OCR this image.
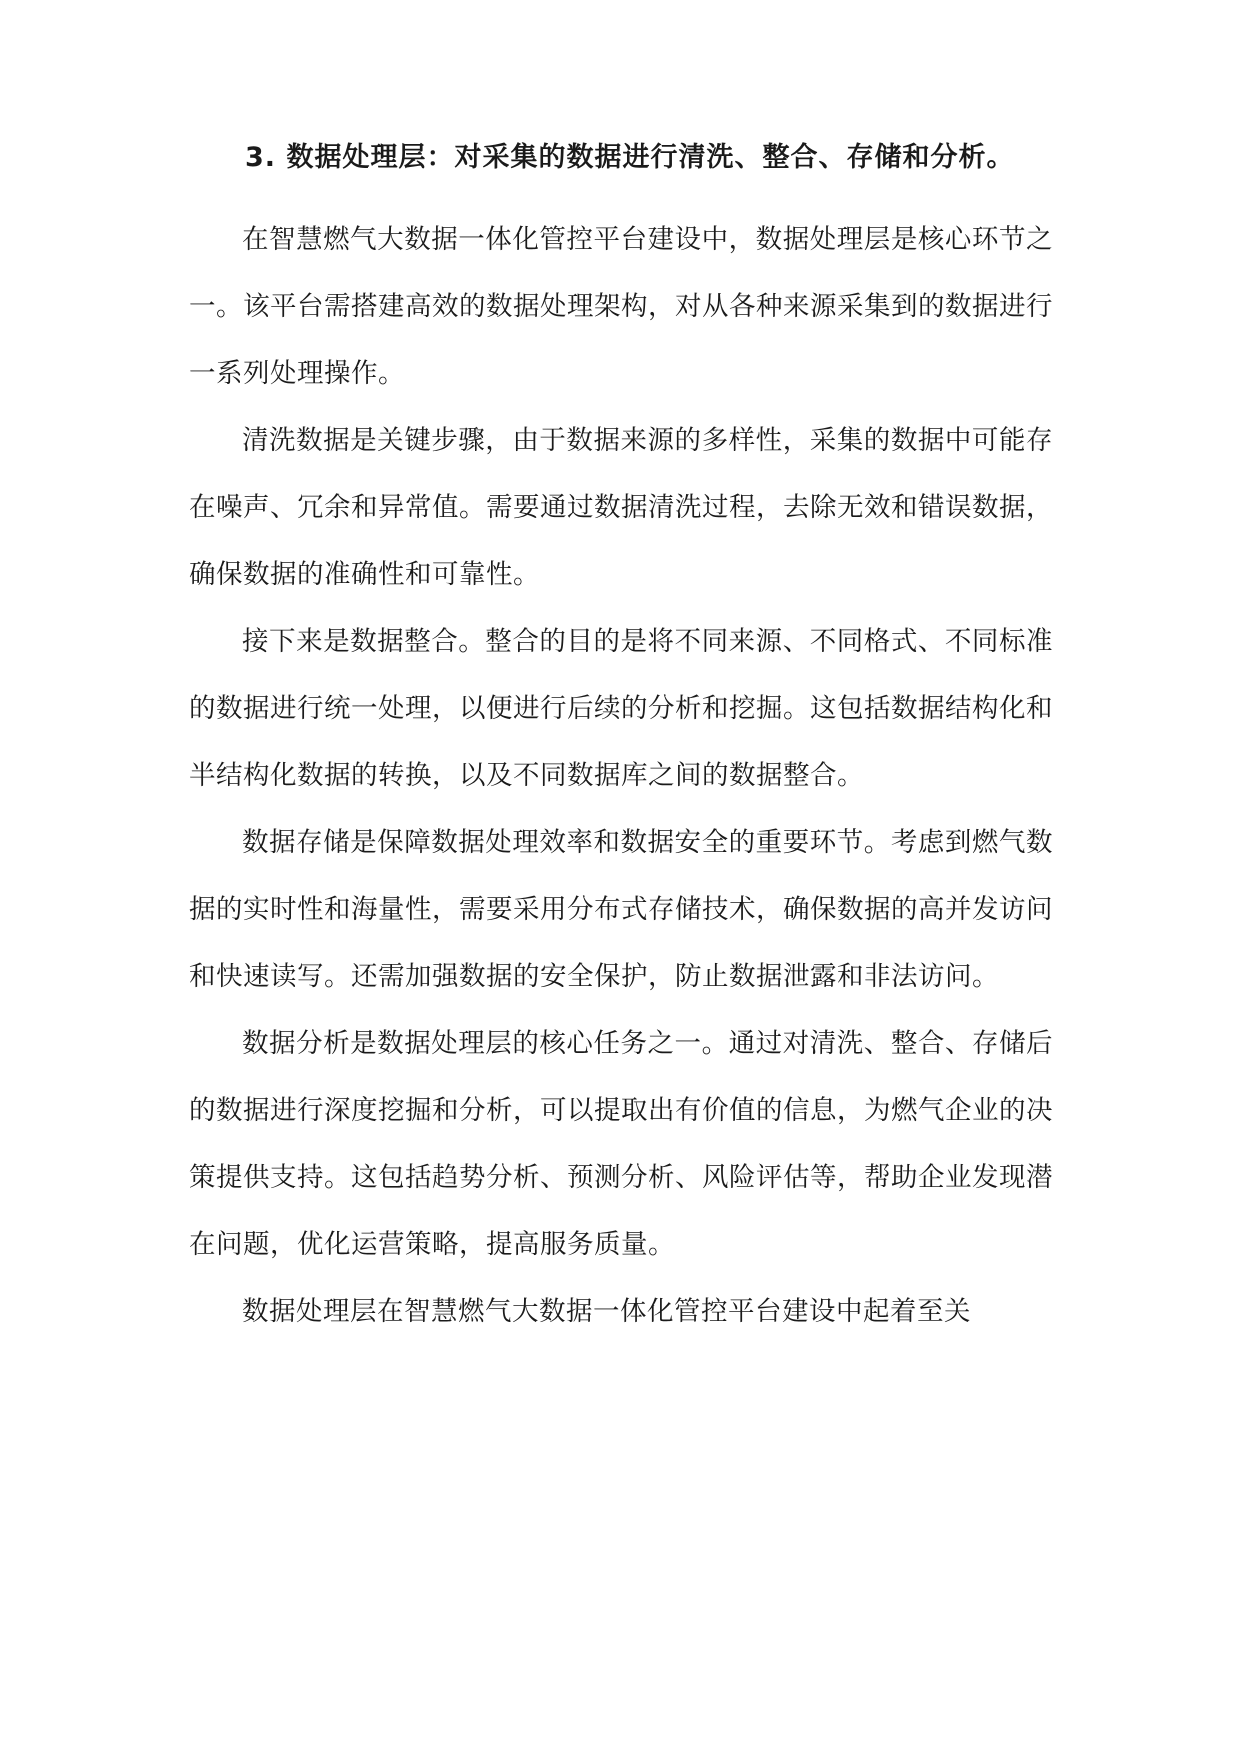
3. 数据处理层：对采集的数据进行清洗、整合、存储和分析。

在智慧燃气大数据一体化管控平台建设中，数据处理层是核心环节之一。该平台需搭建高效的数据处理架构，对从各种来源采集到的数据进行一系列处理操作。

清洗数据是关键步骤，由于数据来源的多样性，采集的数据中可能存在噪声、冗余和异常值。需要通过数据清洗过程，去除无效和错误数据，确保数据的准确性和可靠性。

接下来是数据整合。整合的目的是将不同来源、不同格式、不同标准的数据进行统一处理，以便进行后续的分析和挖掘。这包括数据结构化和半结构化数据的转换，以及不同数据库之间的数据整合。

数据存储是保障数据处理效率和数据安全的重要环节。考虑到燃气数据的实时性和海量性，需要采用分布式存储技术，确保数据的高并发访问和快速读写。还需加强数据的安全保护，防止数据泄露和非法访问。

数据分析是数据处理层的核心任务之一。通过对清洗、整合、存储后的数据进行深度挖掘和分析，可以提取出有价值的信息，为燃气企业的决策提供支持。这包括趋势分析、预测分析、风险评估等，帮助企业发现潜在问题，优化运营策略，提高服务质量。

数据处理层在智慧燃气大数据一体化管控平台建设中起着至关
